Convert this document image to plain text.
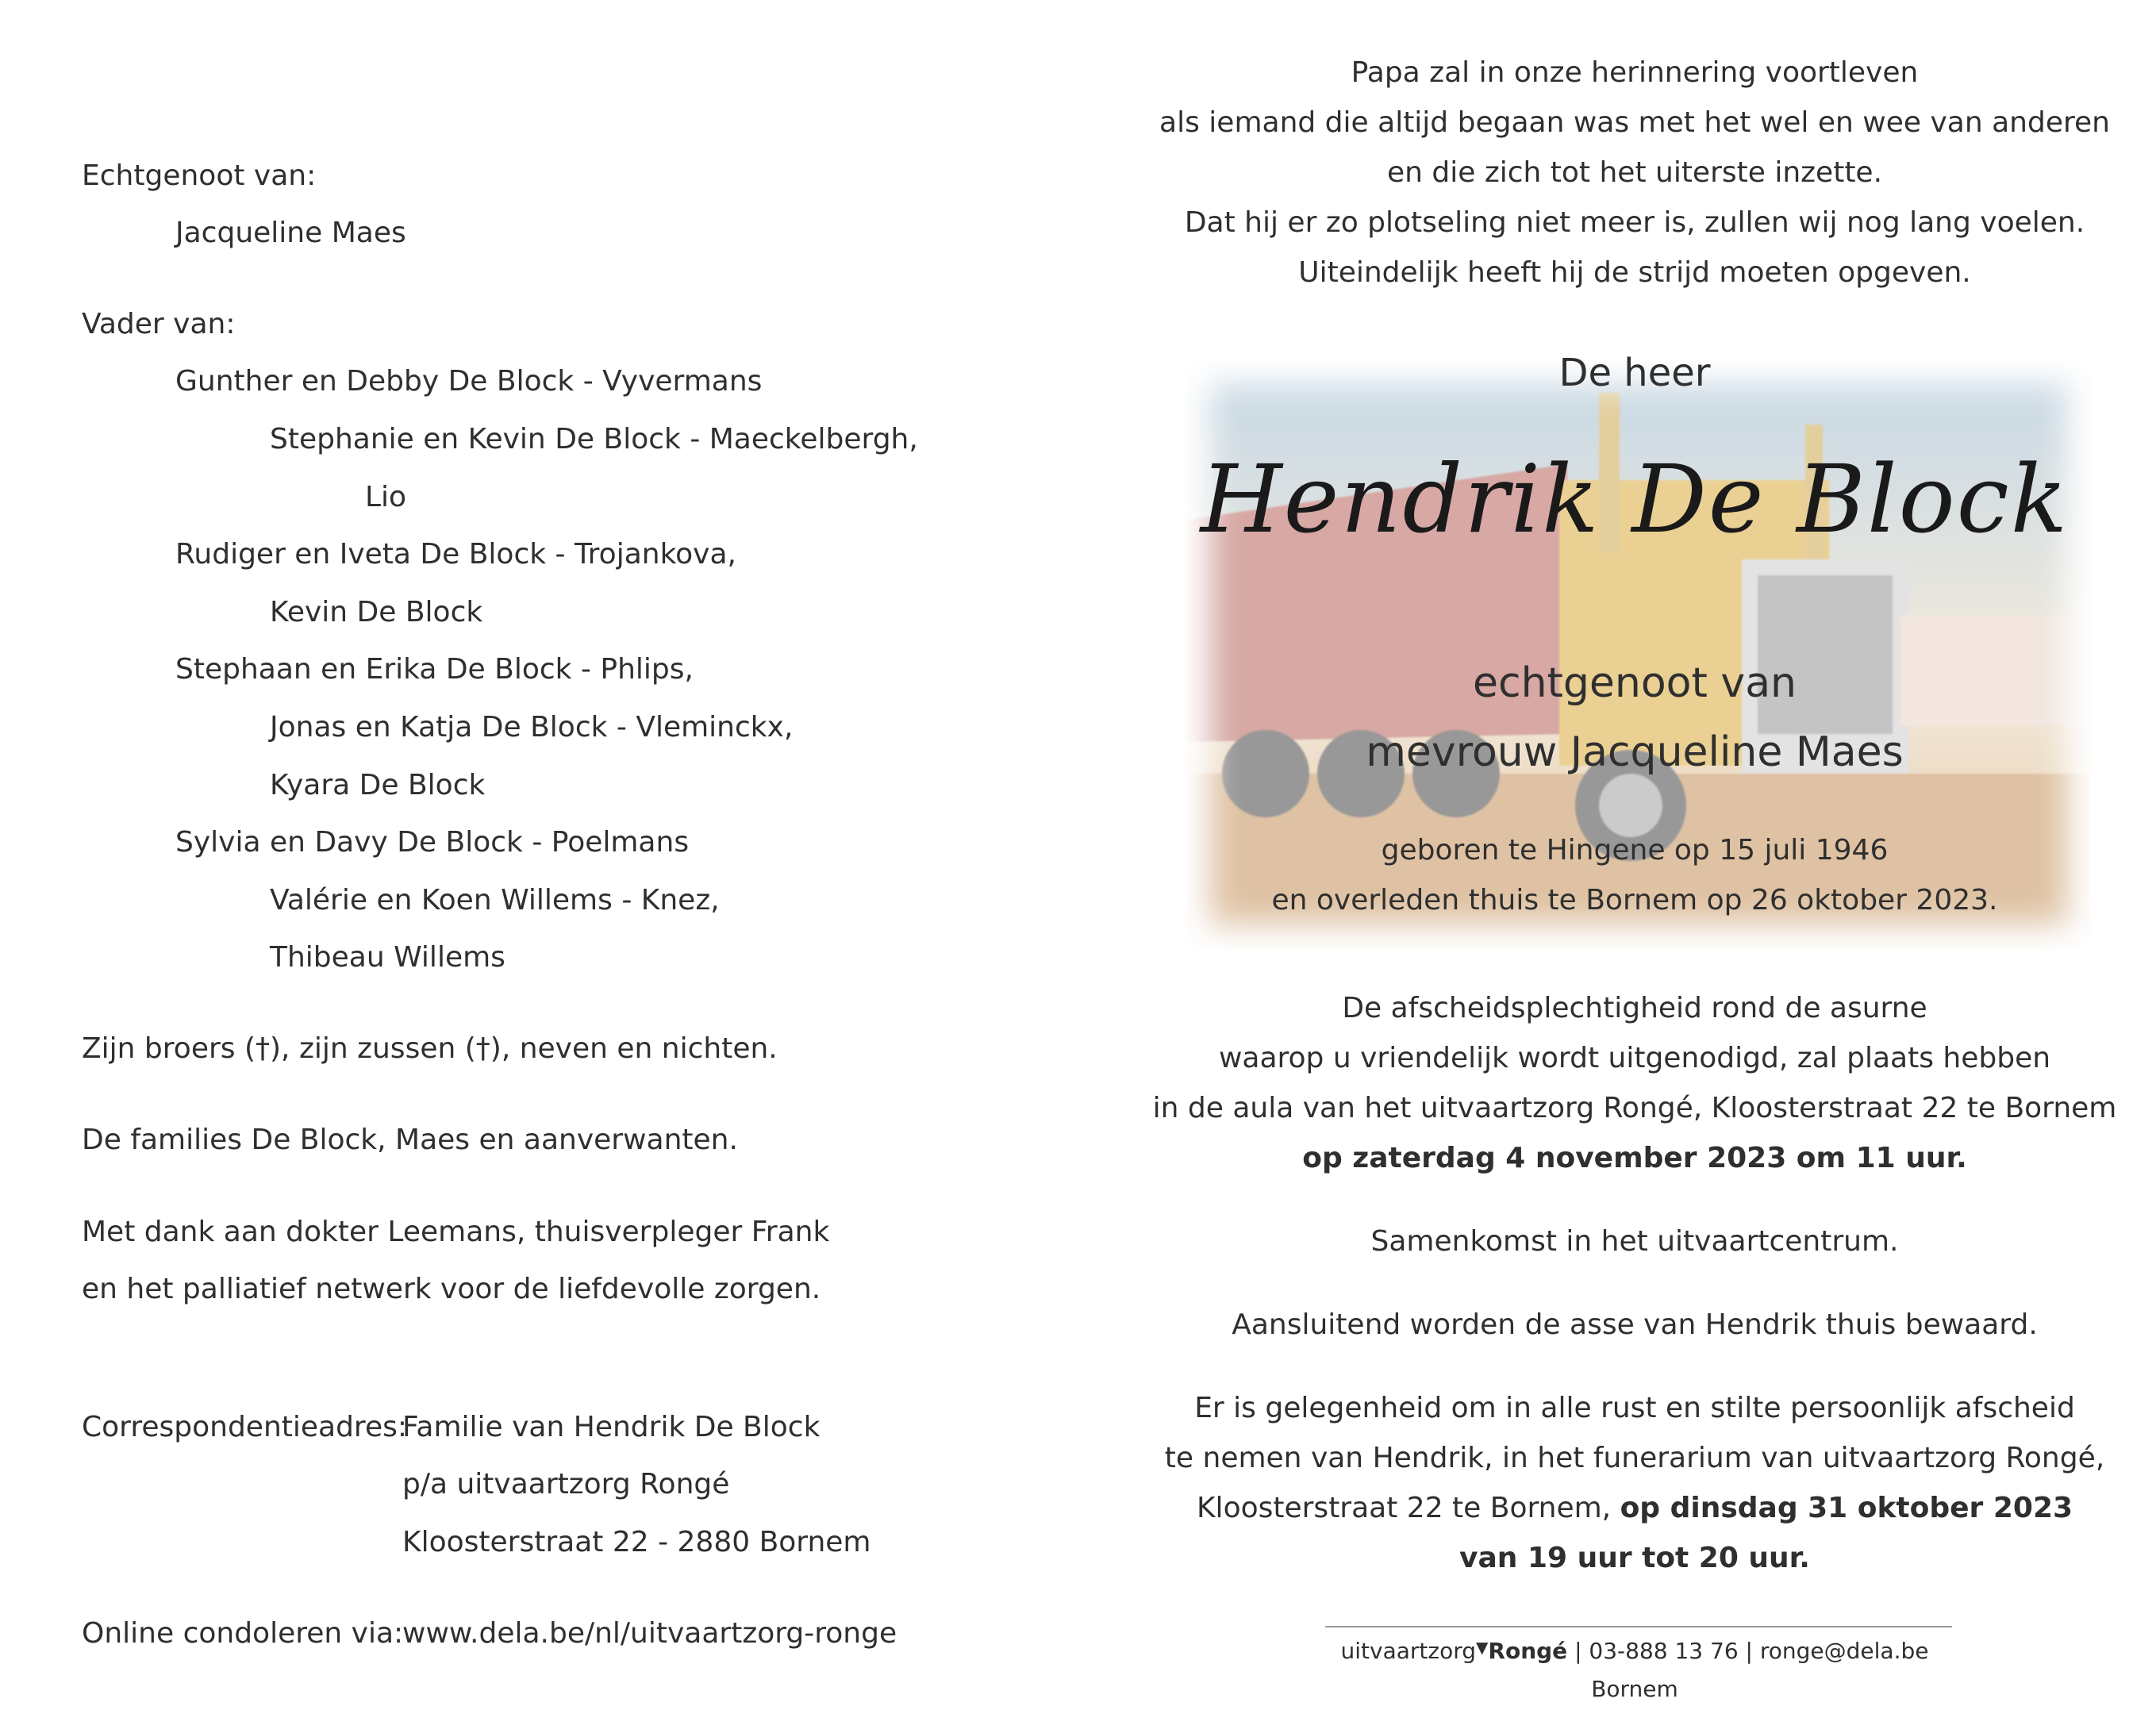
Echtgenoot van:
Jacqueline Maes
Vader van:
Gunther en Debby De Block - Vyvermans
Stephanie en Kevin De Block - Maeckelbergh,
Lio
Rudiger en Iveta De Block - Trojankova,
Kevin De Block
Stephaan en Erika De Block - Phlips,
Jonas en Katja De Block - Vleminckx,
Kyara De Block
Sylvia en Davy De Block - Poelmans
Valérie en Koen Willems - Knez,
Thibeau Willems
Zijn broers (†), zijn zussen (†), neven en nichten.
De families De Block, Maes en aanverwanten.
Met dank aan dokter Leemans, thuisverpleger Frank
en het palliatief netwerk voor de liefdevolle zorgen.
Correspondentieadres:
Familie van Hendrik De Block
p/a uitvaartzorg Rongé
Kloosterstraat 22 - 2880 Bornem
Online condoleren via:
www.dela.be/nl/uitvaartzorg-ronge
Papa zal in onze herinnering voortleven
als iemand die altijd begaan was met het wel en wee van anderen
en die zich tot het uiterste inzette.
Dat hij er zo plotseling niet meer is, zullen wij nog lang voelen.
Uiteindelijk heeft hij de strijd moeten opgeven.
De heer
echtgenoot van
mevrouw Jacqueline Maes
geboren te Hingene op 15 juli 1946
en overleden thuis te Bornem op 26 oktober 2023.
De afscheidsplechtigheid rond de asurne
waarop u vriendelijk wordt uitgenodigd, zal plaats hebben
in de aula van het uitvaartzorg Rongé, Kloosterstraat 22 te Bornem
op zaterdag 4 november 2023 om 11 uur.
Samenkomst in het uitvaartcentrum.
Aansluitend worden de asse van Hendrik thuis bewaard.
Er is gelegenheid om in alle rust en stilte persoonlijk afscheid
te nemen van Hendrik, in het funerarium van uitvaartzorg Rongé,
Kloosterstraat 22 te Bornem, op dinsdag 31 oktober 2023
van 19 uur tot 20 uur.
Hendrik De Block
uitvaartzorg▼Rongé | 03-888 13 76 | ronge@dela.be
Bornem
